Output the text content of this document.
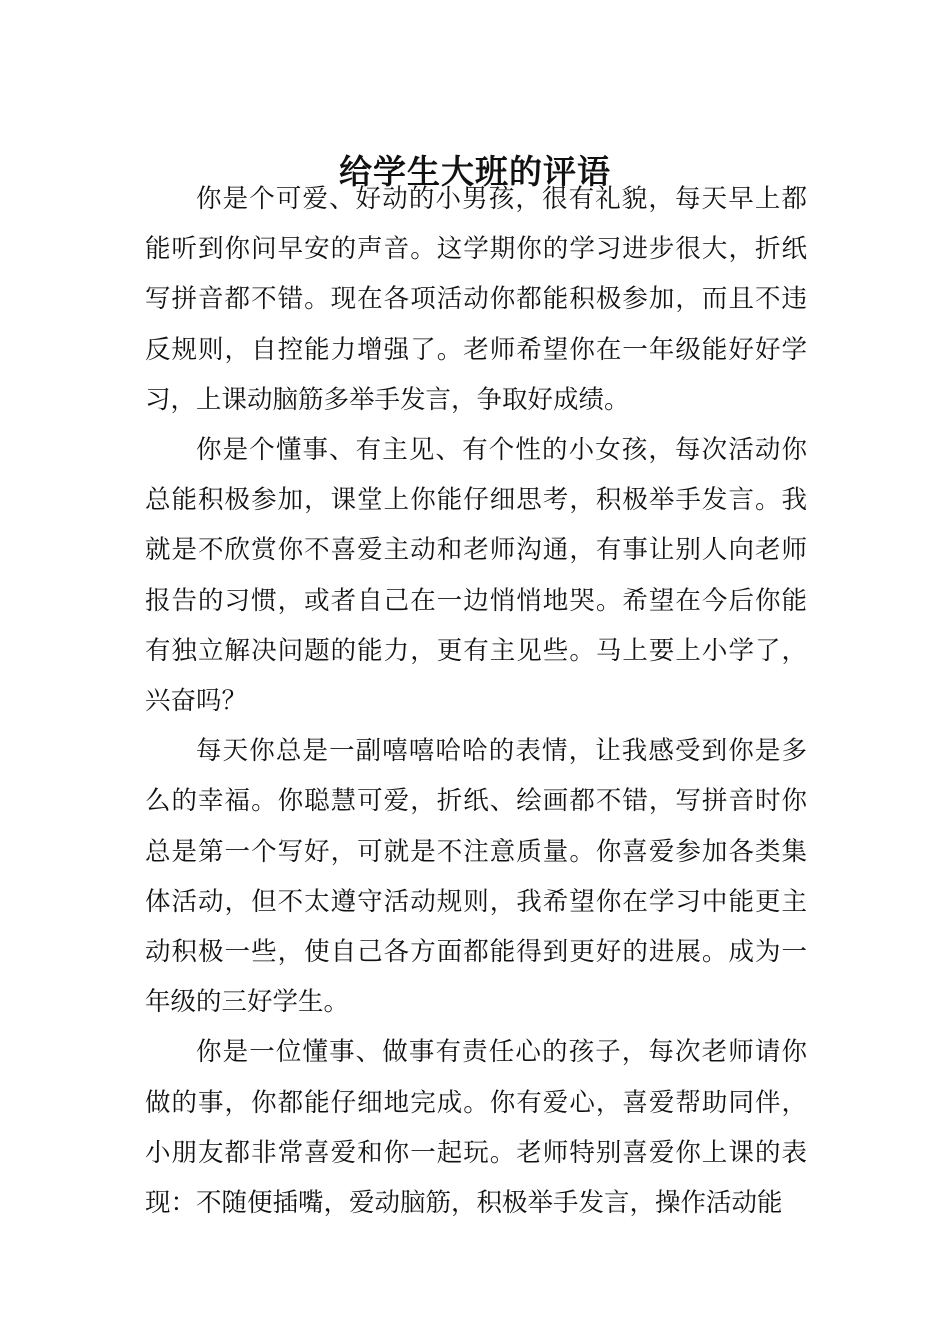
给学生大班的评语

你是个可爱、好动的小男孩，很有礼貌，每天早上都能听到你问早安的声音。这学期你的学习进步很大，折纸写拼音都不错。现在各项活动你都能积极参加，而且不违反规则，自控能力增强了。老师希望你在一年级能好好学习，上课动脑筋多举手发言，争取好成绩。

你是个懂事、有主见、有个性的小女孩，每次活动你总能积极参加，课堂上你能仔细思考，积极举手发言。我就是不欣赏你不喜爱主动和老师沟通，有事让别人向老师报告的习惯，或者自己在一边悄悄地哭。希望在今后你能有独立解决问题的能力，更有主见些。马上要上小学了，兴奋吗？

每天你总是一副嘻嘻哈哈的表情，让我感受到你是多么的幸福。你聪慧可爱，折纸、绘画都不错，写拼音时你总是第一个写好，可就是不注意质量。你喜爱参加各类集体活动，但不太遵守活动规则，我希望你在学习中能更主动积极一些，使自己各方面都能得到更好的进展。成为一年级的三好学生。

你是一位懂事、做事有责任心的孩子，每次老师请你做的事，你都能仔细地完成。你有爱心，喜爱帮助同伴，小朋友都非常喜爱和你一起玩。老师特别喜爱你上课的表现：不随便插嘴，爱动脑筋，积极举手发言，操作活动能
